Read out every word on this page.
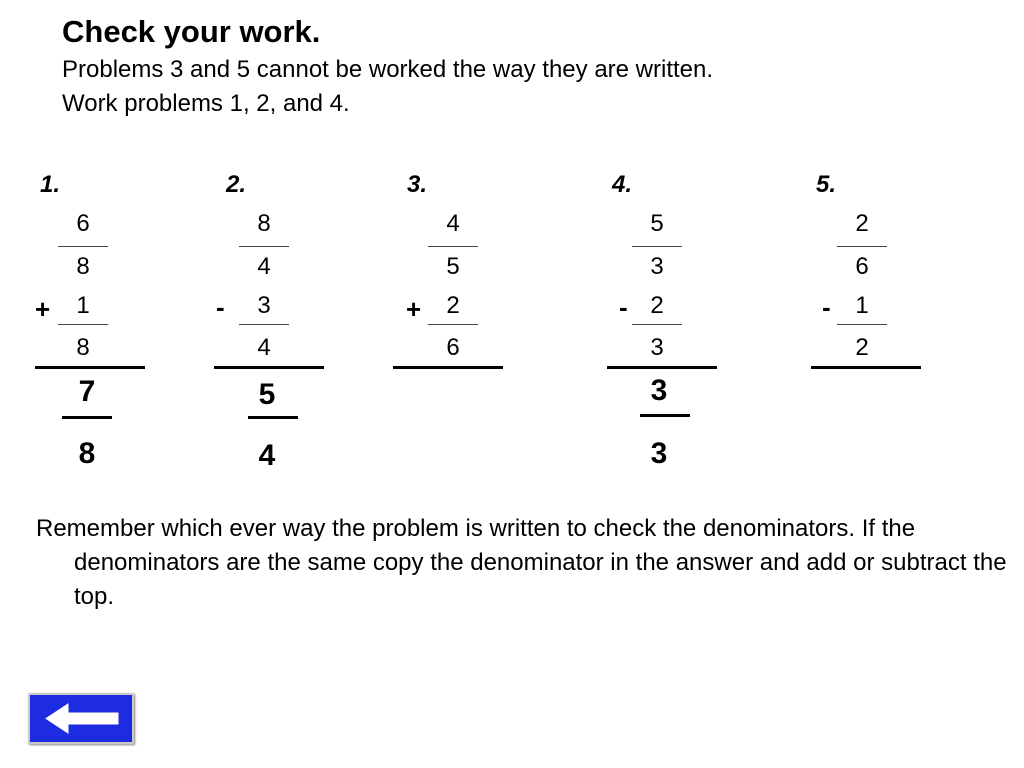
Check your work.
Problems 3 and 5 cannot be worked the way they are written.
Work problems 1, 2, and 4.
1.
6
8
+	1
8
7
8
2.
8
4
-	3
4
5
4
3.
4
5
+	2
6
4.
5
3
- 2
3
3
3
5.
2
6
-	1
2

Remember which ever way the problem is written to check the denominators. If the denominators are the same copy the denominator in the answer and add or subtract the top.
